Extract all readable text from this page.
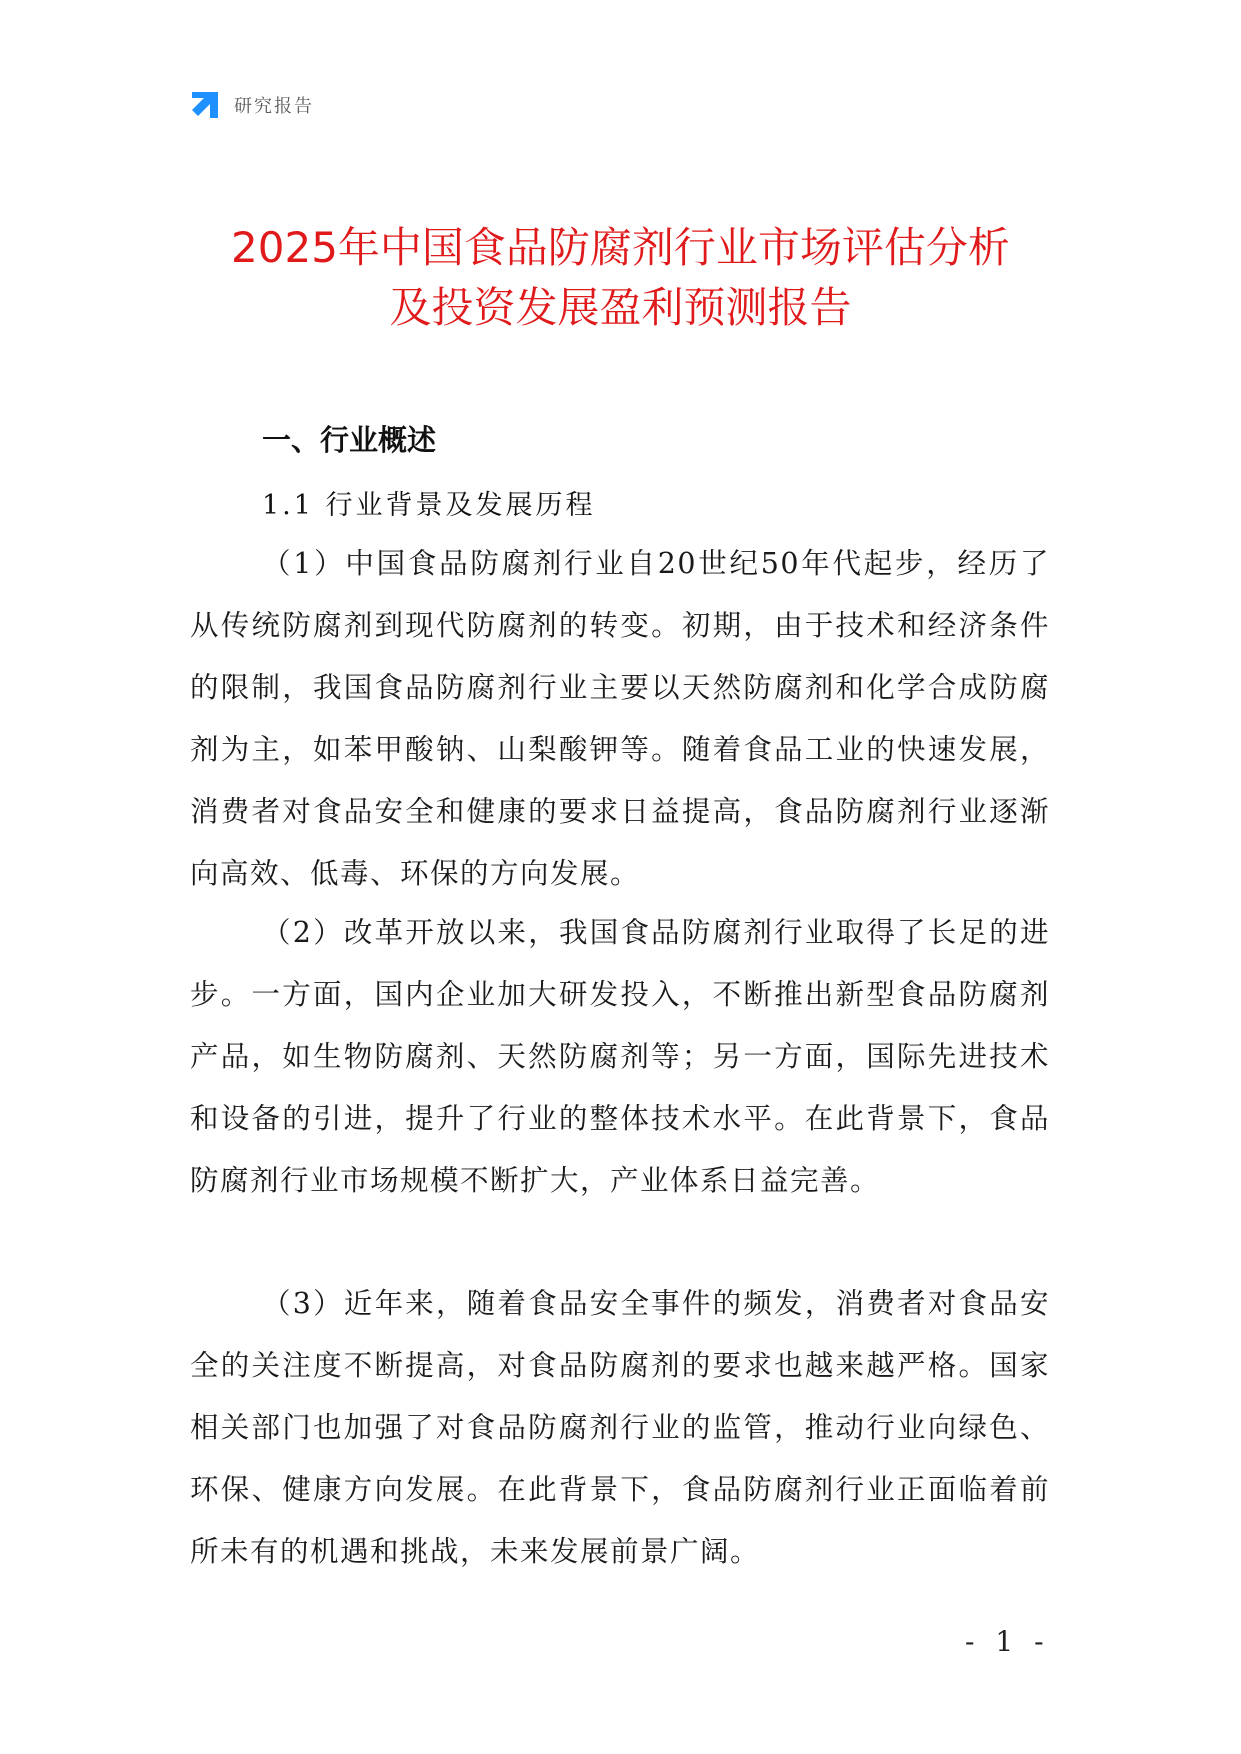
研究报告
2025年中国食品防腐剂行业市场评估分析
及投资发展盈利预测报告
一、行业概述
1.1 行业背景及发展历程

（1）中国食品防腐剂行业自20世纪50年代起步，经历了从传统防腐剂到现代防腐剂的转变。初期，由于技术和经济条件的限制，我国食品防腐剂行业主要以天然防腐剂和化学合成防腐剂为主，如苯甲酸钠、山梨酸钾等。随着食品工业的快速发展，消费者对食品安全和健康的要求日益提高，食品防腐剂行业逐渐向高效、低毒、环保的方向发展。

（2）改革开放以来，我国食品防腐剂行业取得了长足的进步。一方面，国内企业加大研发投入，不断推出新型食品防腐剂产品，如生物防腐剂、天然防腐剂等；另一方面，国际先进技术和设备的引进，提升了行业的整体技术水平。在此背景下，食品防腐剂行业市场规模不断扩大，产业体系日益完善。

（3）近年来，随着食品安全事件的频发，消费者对食品安全的关注度不断提高，对食品防腐剂的要求也越来越严格。国家相关部门也加强了对食品防腐剂行业的监管，推动行业向绿色、环保、健康方向发展。在此背景下，食品防腐剂行业正面临着前所未有的机遇和挑战，未来发展前景广阔。

- 1 -
